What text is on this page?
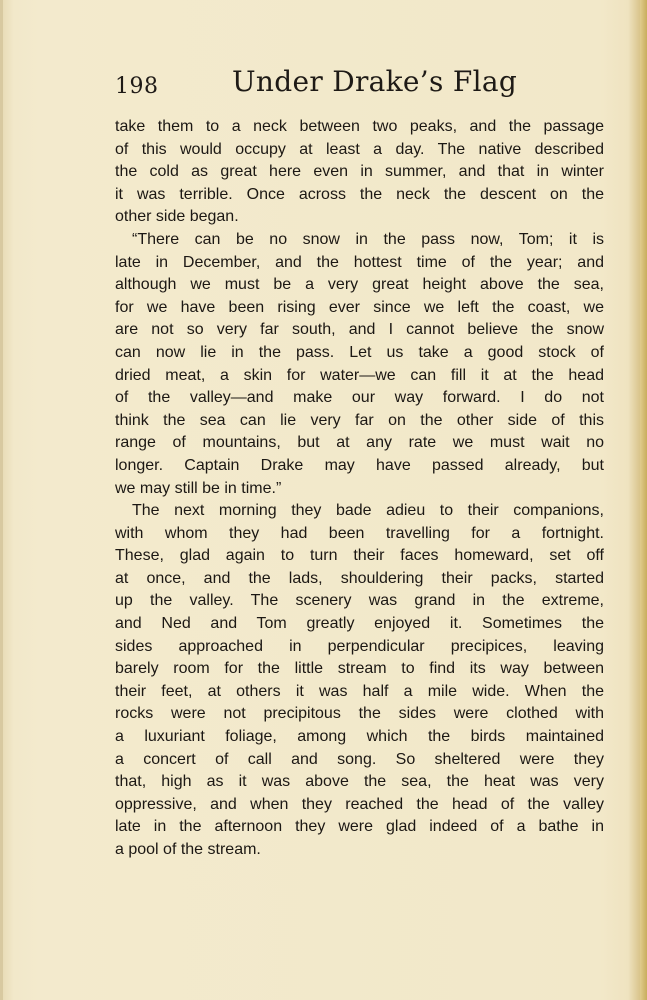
198	Under Drake’s Flag
take them to a neck between two peaks, and the passage
of this would occupy at least a day. The native described
the cold as great here even in summer, and that in winter
it was terrible. Once across the neck the descent on the
other side began.
“There can be no snow in the pass now, Tom; it is
late in December, and the hottest time of the year; and
although we must be a very great height above the sea,
for we have been rising ever since we left the coast, we
are not so very far south, and I cannot believe the snow
can now lie in the pass. Let us take a good stock of
dried meat, a skin for water—we can fill it at the head
of the valley—and make our way forward. I do not
think the sea can lie very far on the other side of this
range of mountains, but at any rate we must wait no
longer. Captain Drake may have passed already, but
we may still be in time.”
The next morning they bade adieu to their companions,
with whom they had been travelling for a fortnight.
These, glad again to turn their faces homeward, set off
at once, and the lads, shouldering their packs, started
up the valley. The scenery was grand in the extreme,
and Ned and Tom greatly enjoyed it. Sometimes the
sides approached in perpendicular precipices, leaving
barely room for the little stream to find its way between
their feet, at others it was half a mile wide. When the
rocks were not precipitous the sides were clothed with
a luxuriant foliage, among which the birds maintained
a concert of call and song. So sheltered were they
that, high as it was above the sea, the heat was very
oppressive, and when they reached the head of the valley
late in the afternoon they were glad indeed of a bathe in
a pool of the stream.
